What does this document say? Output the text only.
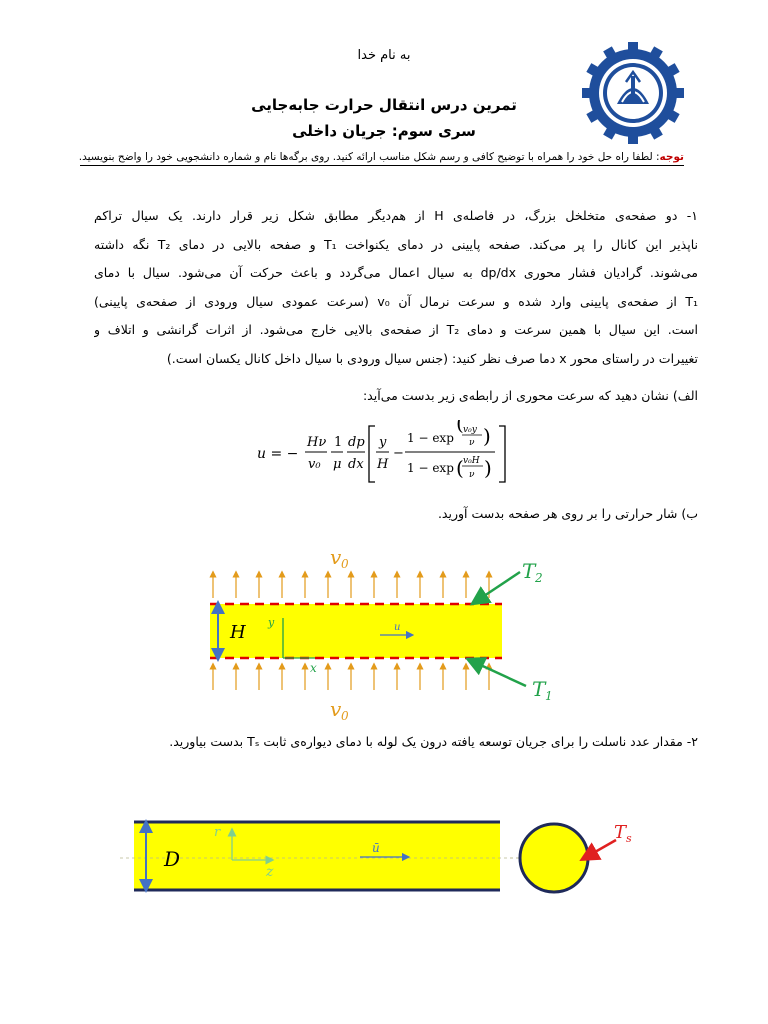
به نام خدا
تمرین درس انتقال حرارت جابه‌جایی
سری سوم: جریان داخلی
توجه: لطفا راه حل خود را همراه با توضیح کافی و رسم شکل مناسب ارائه کنید. روی برگه‌ها نام و شماره دانشجویی خود را واضح بنویسید.
۱- دو صفحه‌ی متخلخل بزرگ، در فاصله‌ی H از هم‌دیگر مطابق شکل زیر قرار دارند. یک سیال تراکم
ناپذیر این کانال را پر می‌کند. صفحه پایینی در دمای یکنواخت T₁ و صفحه بالایی در دمای T₂ نگه داشته
می‌شوند. گرادیان فشار محوری dp/dx به سیال اعمال می‌گردد و باعث حرکت آن می‌شود. سیال با دمای
T₁ از صفحه‌ی پایینی وارد شده و سرعت نرمال آن v₀ (سرعت عمودی سیال ورودی از صفحه‌ی پایینی)
است. این سیال با همین سرعت و دمای T₂ از صفحه‌ی بالایی خارج می‌شود. از اثرات گرانشی و اتلاف و
تغییرات در راستای محور x دما صرف نظر کنید: (جنس سیال ورودی با سیال داخل کانال یکسان است.)
الف) نشان دهید که سرعت محوری از رابطه‌ی زیر بدست می‌آید:
u = −
Hν
v₀
1
μ
dp
dx
y
H
−
1 − exp
( v₀y
ν )
1 − exp ( v₀H
ν )
ب) شار حرارتی را بر روی هر صفحه بدست آورید.
v 0
H y
x
u
v 0
T 2
T 1
۲- مقدار عدد ناسلت را برای جریان توسعه یافته درون یک لوله با دمای دیواره‌ی ثابت Tₛ بدست بیاورید.
D
r
z
ū
T s
